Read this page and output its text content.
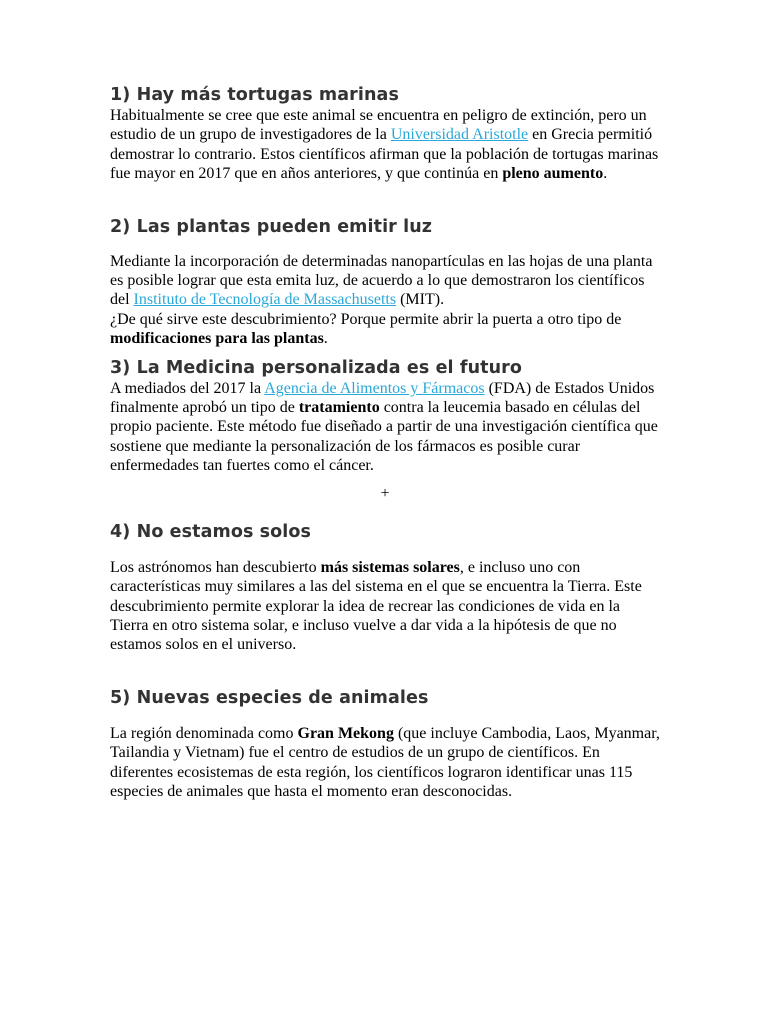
1) Hay más tortugas marinas

Habitualmente se cree que este animal se encuentra en peligro de extinción, pero un estudio de un grupo de investigadores de la Universidad Aristotle en Grecia permitió demostrar lo contrario. Estos científicos afirman que la población de tortugas marinas fue mayor en 2017 que en años anteriores, y que continúa en pleno aumento.

2) Las plantas pueden emitir luz

Mediante la incorporación de determinadas nanopartículas en las hojas de una planta es posible lograr que esta emita luz, de acuerdo a lo que demostraron los científicos del Instituto de Tecnología de Massachusetts (MIT).

¿De qué sirve este descubrimiento? Porque permite abrir la puerta a otro tipo de modificaciones para las plantas.

3) La Medicina personalizada es el futuro

A mediados del 2017 la Agencia de Alimentos y Fármacos (FDA) de Estados Unidos finalmente aprobó un tipo de tratamiento contra la leucemia basado en células del propio paciente. Este método fue diseñado a partir de una investigación científica que sostiene que mediante la personalización de los fármacos es posible curar enfermedades tan fuertes como el cáncer.

+
4) No estamos solos

Los astrónomos han descubierto más sistemas solares, e incluso uno con características muy similares a las del sistema en el que se encuentra la Tierra. Este descubrimiento permite explorar la idea de recrear las condiciones de vida en la Tierra en otro sistema solar, e incluso vuelve a dar vida a la hipótesis de que no estamos solos en el universo.

5) Nuevas especies de animales

La región denominada como Gran Mekong (que incluye Cambodia, Laos, Myanmar, Tailandia y Vietnam) fue el centro de estudios de un grupo de científicos. En diferentes ecosistemas de esta región, los científicos lograron identificar unas 115 especies de animales que hasta el momento eran desconocidas.
